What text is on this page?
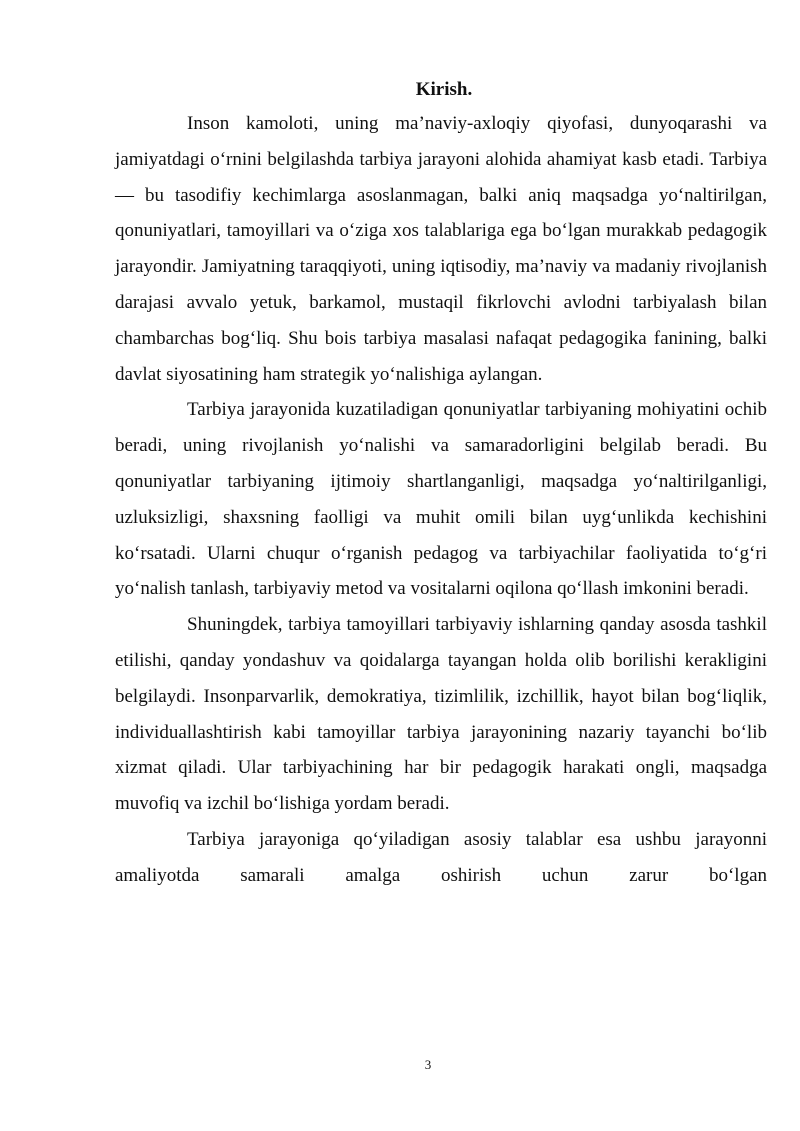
Kirish.

Inson kamoloti, uning ma’naviy-axloqiy qiyofasi, dunyoqarashi va jamiyatdagi o‘rnini belgilashda tarbiya jarayoni alohida ahamiyat kasb etadi. Tarbiya — bu tasodifiy kechimlarga asoslanmagan, balki aniq maqsadga yo‘naltirilgan, qonuniyatlari, tamoyillari va o‘ziga xos talablariga ega bo‘lgan murakkab pedagogik jarayondir. Jamiyatning taraqqiyoti, uning iqtisodiy, ma’naviy va madaniy rivojlanish darajasi avvalo yetuk, barkamol, mustaqil fikrlovchi avlodni tarbiyalash bilan chambarchas bog‘liq. Shu bois tarbiya masalasi nafaqat pedagogika fanining, balki davlat siyosatining ham strategik yo‘nalishiga aylangan.

Tarbiya jarayonida kuzatiladigan qonuniyatlar tarbiyaning mohiyatini ochib beradi, uning rivojlanish yo‘nalishi va samaradorligini belgilab beradi. Bu qonuniyatlar tarbiyaning ijtimoiy shartlanganligi, maqsadga yo‘naltirilganligi, uzluksizligi, shaxsning faolligi va muhit omili bilan uyg‘unlikda kechishini ko‘rsatadi. Ularni chuqur o‘rganish pedagog va tarbiyachilar faoliyatida to‘g‘ri yo‘nalish tanlash, tarbiyaviy metod va vositalarni oqilona qo‘llash imkonini beradi.

Shuningdek, tarbiya tamoyillari tarbiyaviy ishlarning qanday asosda tashkil etilishi, qanday yondashuv va qoidalarga tayangan holda olib borilishi kerakligini belgilaydi. Insonparvarlik, demokratiya, tizimlilik, izchillik, hayot bilan bog‘liqlik, individuallashtirish kabi tamoyillar tarbiya jarayonining nazariy tayanchi bo‘lib xizmat qiladi. Ular tarbiyachining har bir pedagogik harakati ongli, maqsadga muvofiq va izchil bo‘lishiga yordam beradi.

Tarbiya jarayoniga qo‘yiladigan asosiy talablar esa ushbu jarayonni amaliyotda samarali amalga oshirish uchun zarur bo‘lgan

3
